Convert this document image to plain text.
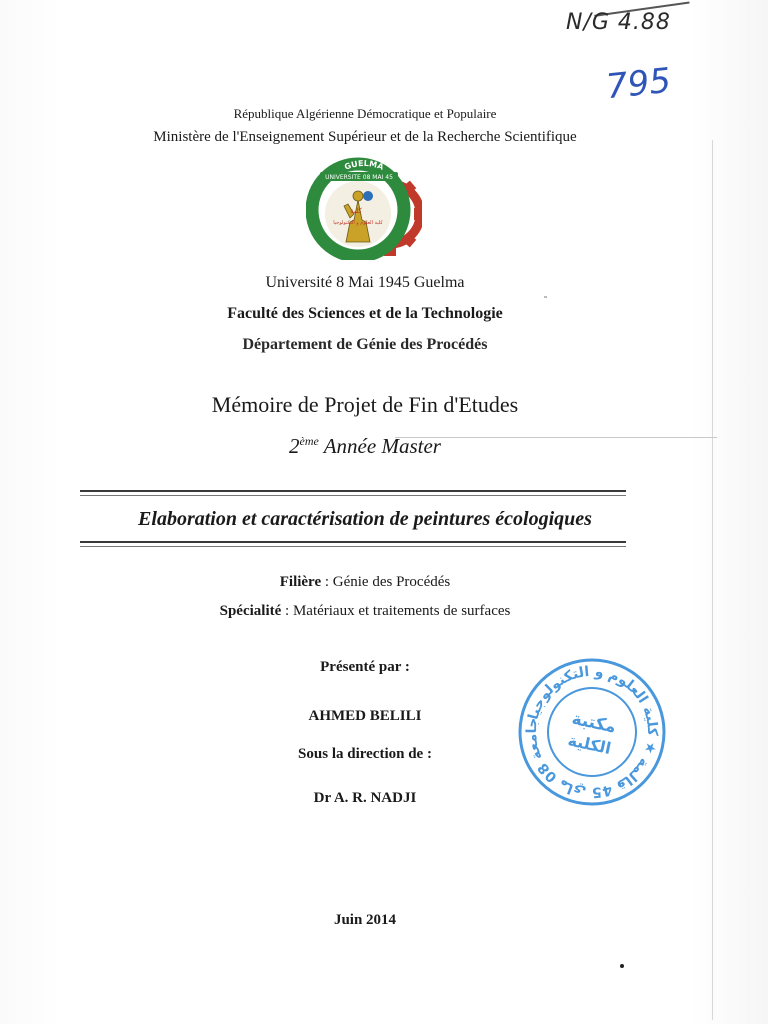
N/G 4.88
795
République Algérienne Démocratique et Populaire
Ministère de l'Enseignement Supérieur et de la Recherche Scientifique
GUELMA
UNIVERSITE 08 MAI 45
كلية
كلية العلوم و التكنولوجيا
Université 8 Mai 1945 Guelma
Faculté des Sciences et de la Technologie
Département de Génie des Procédés
Mémoire de Projet de Fin d'Etudes
2ème Année Master
Elaboration et caractérisation de peintures écologiques
Filière : Génie des Procédés
Spécialité : Matériaux et traitements de surfaces
Présenté par :
AHMED BELILI
Sous la direction de :
Dr A. R. NADJI
Juin 2014
جامعة 08 ماي 45 قالمة ★ كلية العلوم و التكنولوجيا
مكتبة
الكلية
